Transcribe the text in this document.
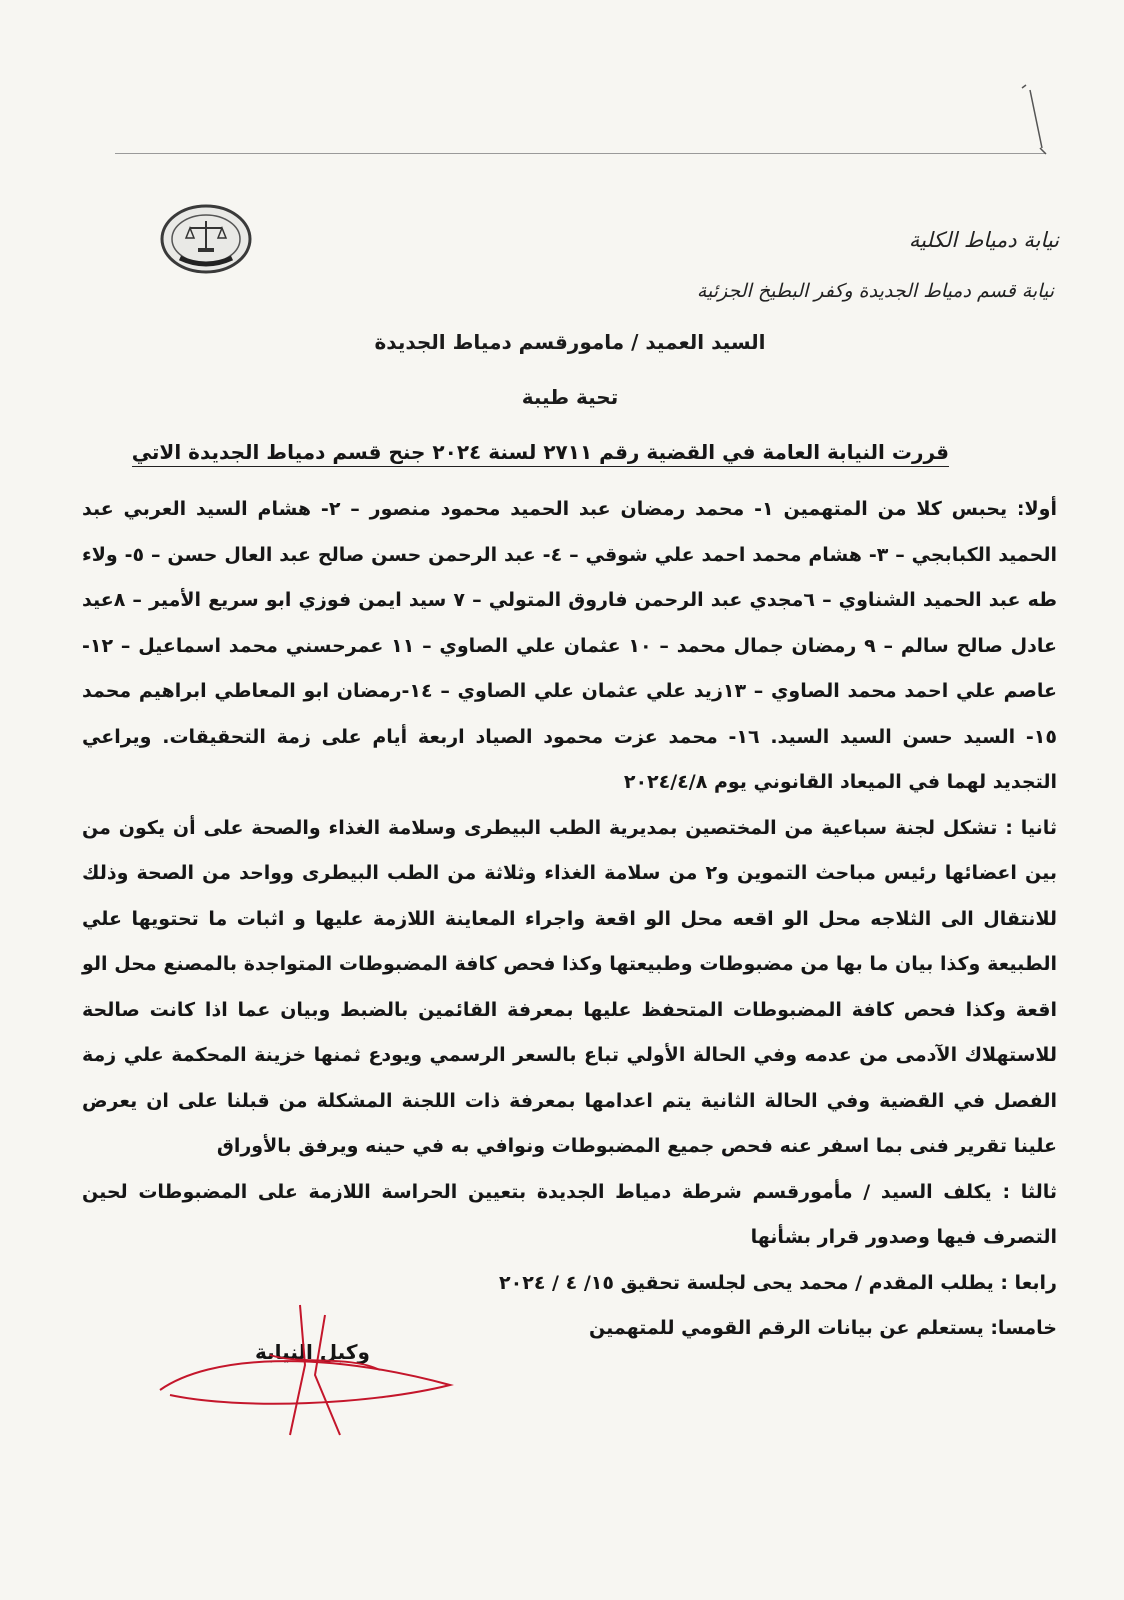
نيابة دمياط الكلية
نيابة قسم دمياط الجديدة وكفر البطيخ الجزئية
السيد العميد / مامورقسم دمياط الجديدة
تحية طيبة
قررت النيابة العامة في القضية رقم ٢٧١١ لسنة ٢٠٢٤ جنح قسم دمياط الجديدة الاتي

أولا: يحبس كلا من المتهمين ١- محمد رمضان عبد الحميد محمود منصور – ٢- هشام السيد العربي عبد الحميد الكبابجي – ٣- هشام محمد احمد علي شوقي – ٤- عبد الرحمن حسن صالح عبد العال حسن – ٥- ولاء طه عبد الحميد الشناوي – ٦مجدي عبد الرحمن فاروق المتولي – ٧ سيد ايمن فوزي ابو سريع الأمير – ٨عيد عادل صالح سالم – ٩ رمضان جمال محمد – ١٠ عثمان علي الصاوي – ١١ عمرحسني محمد اسماعيل – ١٢- عاصم علي احمد محمد الصاوي – ١٣زيد علي عثمان علي الصاوي – ١٤-رمضان ابو المعاطي ابراهيم محمد ١٥- السيد حسن السيد السيد. ١٦- محمد عزت محمود الصياد اربعة أيام على زمة التحقيقات. ويراعي التجديد لهما في الميعاد القانوني يوم ٢٠٢٤/٤/٨

ثانيا : تشكل لجنة سباعية من المختصين بمديرية الطب البيطرى وسلامة الغذاء والصحة على أن يكون من بين اعضائها رئيس مباحث التموين و٢ من سلامة الغذاء وثلاثة من الطب البيطرى وواحد من الصحة وذلك للانتقال الى الثلاجه محل الو اقعه محل الو اقعة واجراء المعاينة اللازمة عليها و اثبات ما تحتويها علي الطبيعة وكذا بيان ما بها من مضبوطات وطبيعتها وكذا فحص كافة المضبوطات المتواجدة بالمصنع محل الو اقعة وكذا فحص كافة المضبوطات المتحفظ عليها بمعرفة القائمين بالضبط وبيان عما اذا كانت صالحة للاستهلاك الآدمى من عدمه وفي الحالة الأولي تباع بالسعر الرسمي ويودع ثمنها خزينة المحكمة علي زمة الفصل في القضية وفي الحالة الثانية يتم اعدامها بمعرفة ذات اللجنة المشكلة من قبلنا على ان يعرض علينا تقرير فنى بما اسفر عنه فحص جميع المضبوطات ونوافي به في حينه ويرفق بالأوراق

ثالثا : يكلف السيد / مأمورقسم شرطة دمياط الجديدة بتعيين الحراسة اللازمة على المضبوطات لحين التصرف فيها وصدور قرار بشأنها

رابعا : يطلب المقدم / محمد يحى لجلسة تحقيق ١٥/ ٤ / ٢٠٢٤

خامسا: يستعلم عن بيانات الرقم القومي للمتهمين

وكيل النيابة
